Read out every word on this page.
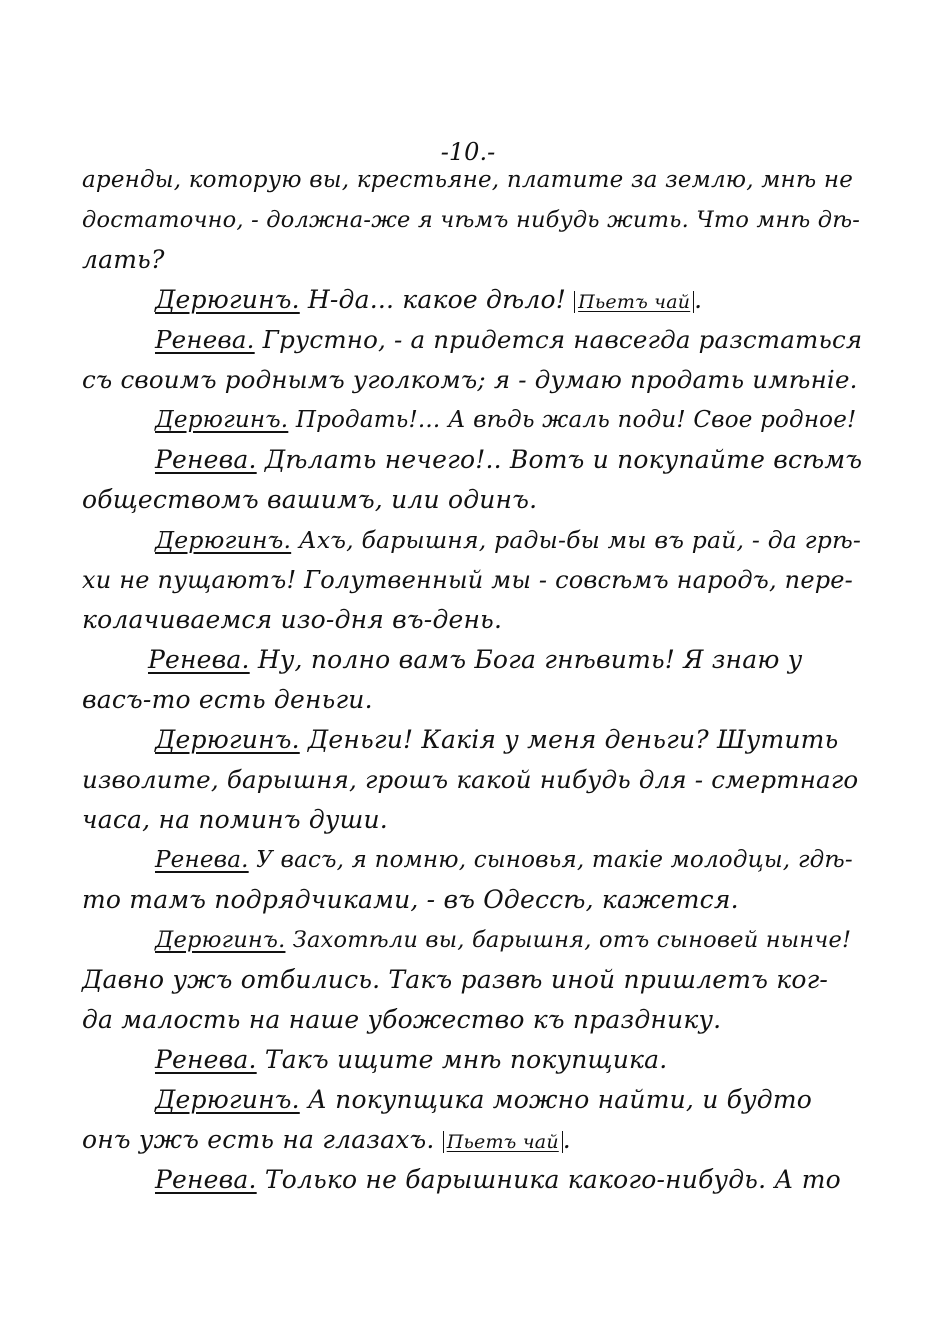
-10.-
аренды, которую вы, крестьяне, платите за землю, мнѣ не
достаточно, - должна-же я чѣмъ нибудь жить. Что мнѣ дѣ-
лать?
Дерюгинъ. Н-да... какое дѣло! Пьетъ чай .
Ренева. Грустно, - а придется навсегда разстаться
съ своимъ роднымъ уголкомъ; я - думаю продать имѣніе.
Дерюгинъ. Продать!... А вѣдь жаль поди! Свое родное!
Ренева. Дѣлать нечего!.. Вотъ и покупайте всѣмъ
обществомъ вашимъ, или одинъ.
Дерюгинъ. Ахъ, барышня, рады-бы мы въ рай, - да грѣ-
хи не пущаютъ! Голутвенный мы - совсѣмъ народъ, пере-
колачиваемся изо-дня въ-день.
Ренева. Ну, полно вамъ Бога гнѣвить! Я знаю у
васъ-то есть деньги.
Дерюгинъ. Деньги! Какія у меня деньги? Шутить
изволите, барышня, грошъ какой нибудь для - смертнаго
часа, на поминъ души.
Ренева. У васъ, я помню, сыновья, такіе молодцы, гдѣ-
то тамъ подрядчиками, - въ Одессѣ, кажется.
Дерюгинъ. Захотѣли вы, барышня, отъ сыновей нынче!
Давно ужъ отбились. Такъ развѣ иной пришлетъ ког-
да малость на наше убожество къ празднику.
Ренева. Такъ ищите мнѣ покупщика.
Дерюгинъ. А покупщика можно найти, и будто
онъ ужъ есть на глазахъ. Пьетъ чай .
Ренева. Только не барышника какого-нибудь. А то
